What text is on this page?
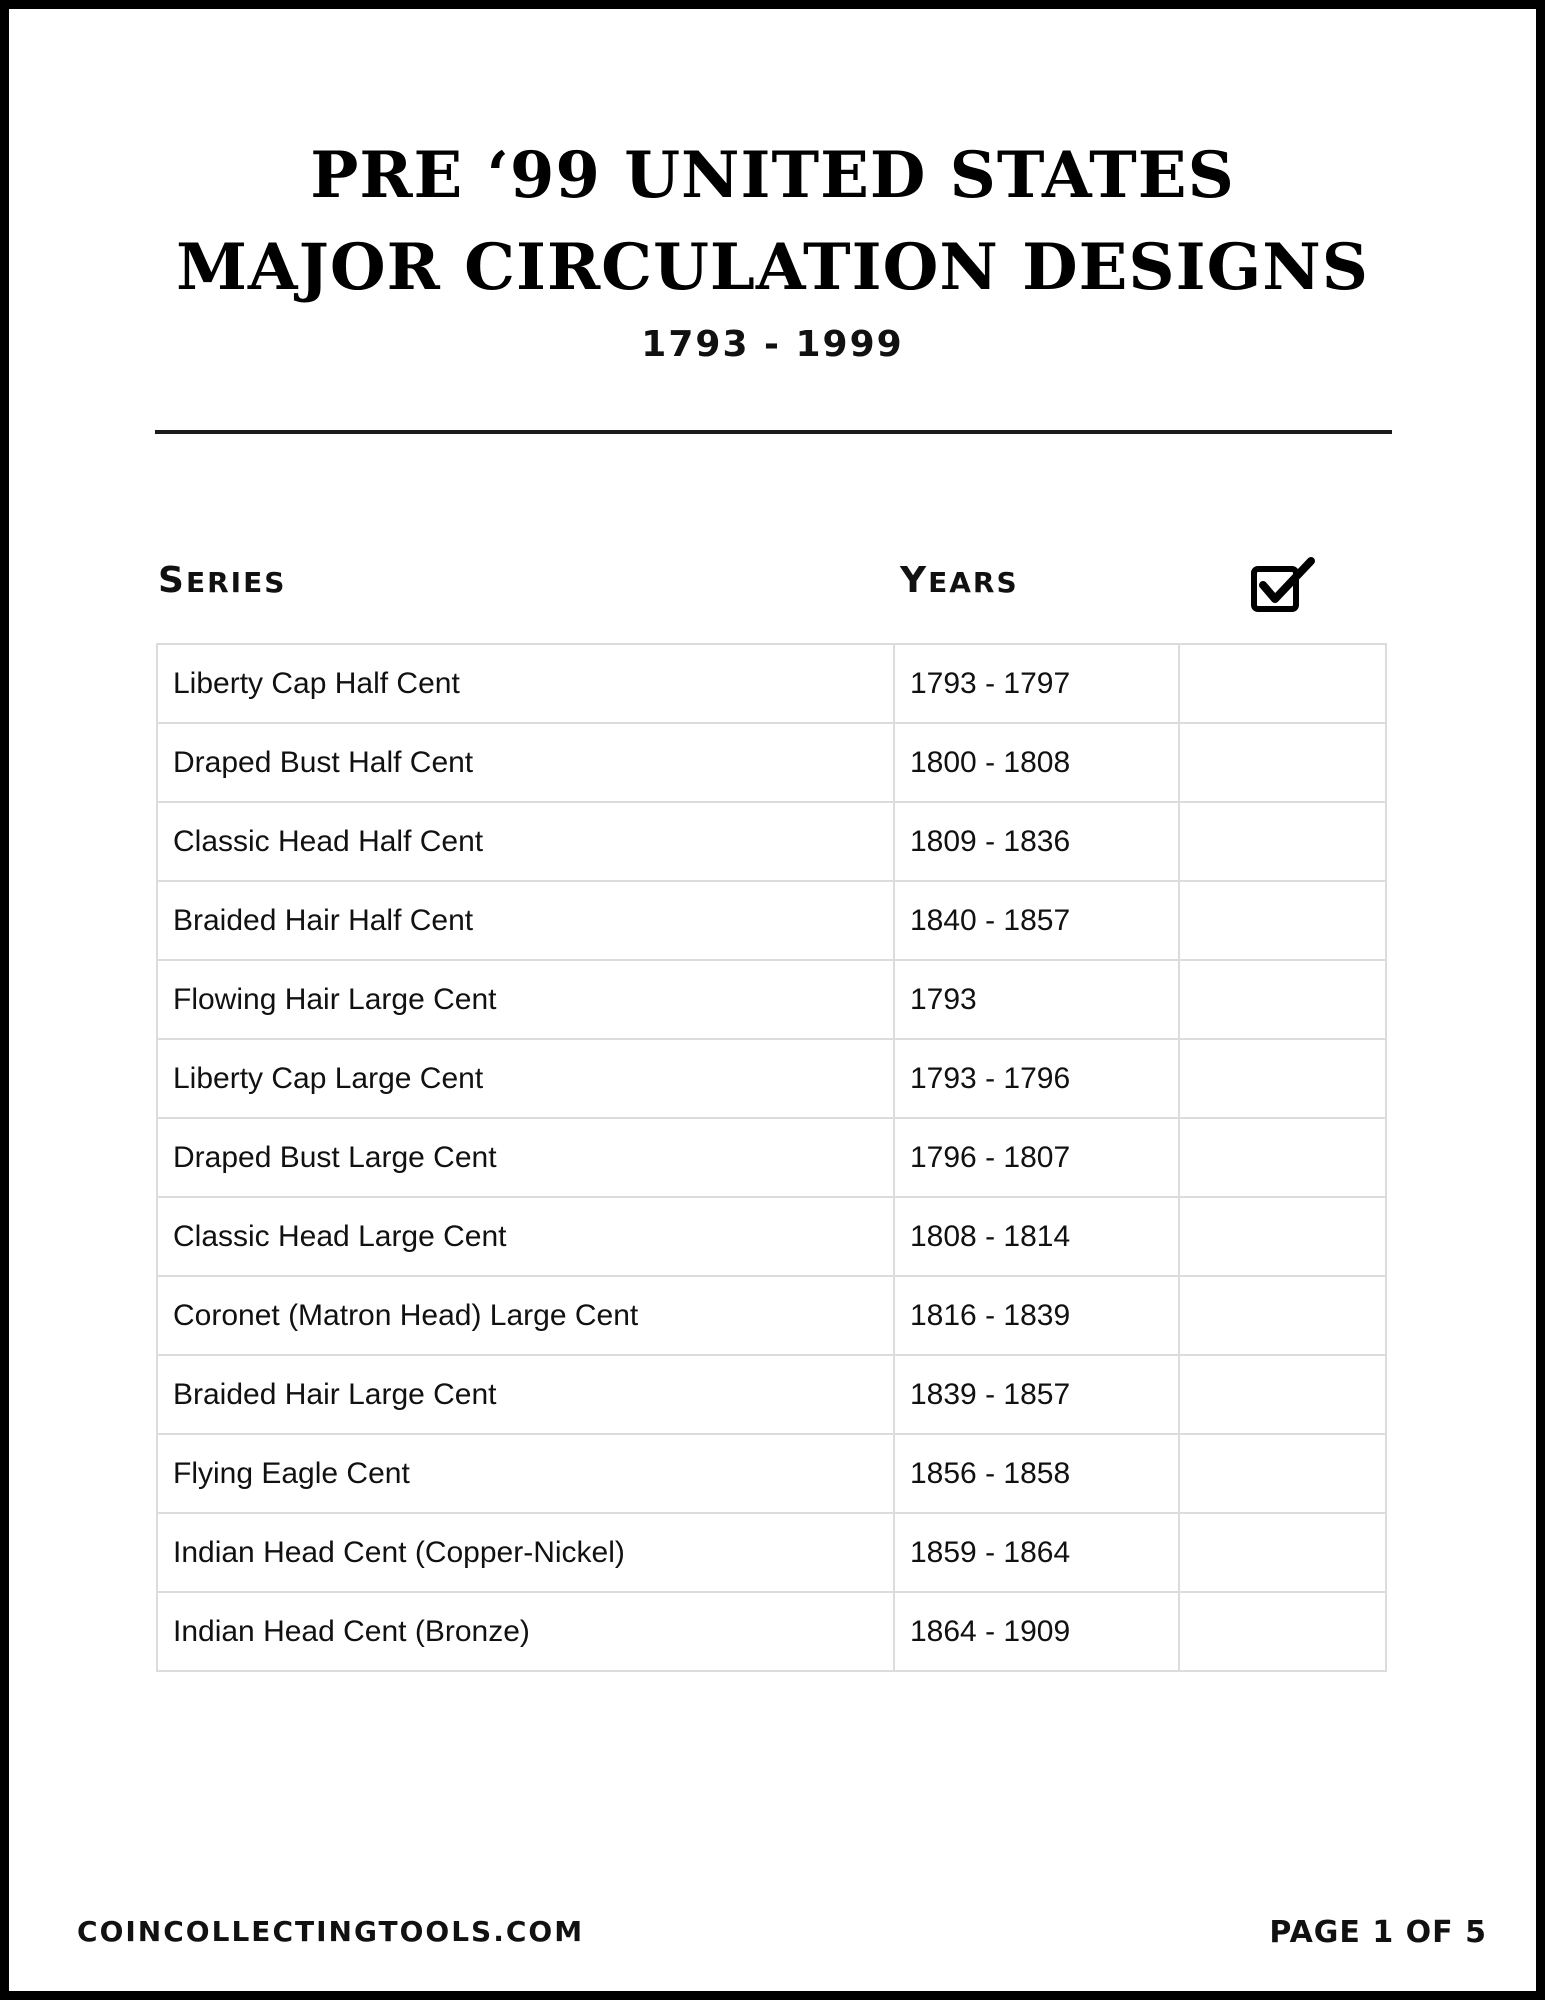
PRE ‘99 UNITED STATES
MAJOR CIRCULATION DESIGNS
1793 - 1999
SERIES	YEARS
Liberty Cap Half Cent	1793 - 1797	
Draped Bust Half Cent	1800 - 1808	
Classic Head Half Cent	1809 - 1836	
Braided Hair Half Cent	1840 - 1857	
Flowing Hair Large Cent	1793	
Liberty Cap Large Cent	1793 - 1796	
Draped Bust Large Cent	1796 - 1807	
Classic Head Large Cent	1808 - 1814	
Coronet (Matron Head) Large Cent	1816 - 1839	
Braided Hair Large Cent	1839 - 1857	
Flying Eagle Cent	1856 - 1858	
Indian Head Cent (Copper-Nickel)	1859 - 1864	
Indian Head Cent (Bronze)	1864 - 1909	
COINCOLLECTINGTOOLS.COM	PAGE 1 OF 5
